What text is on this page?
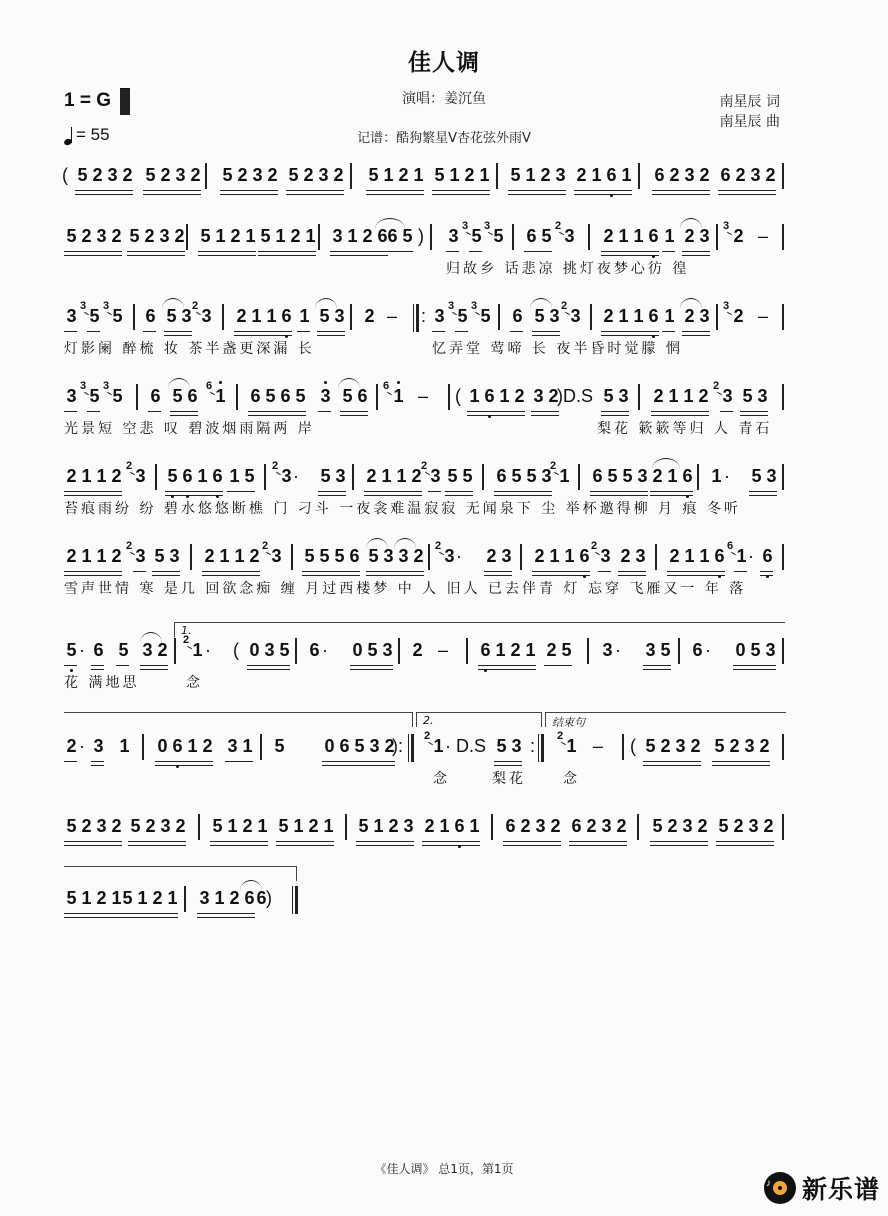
佳人调
1 = G
= 55
演唱：姜沉鱼
记谱：酷狗繁星V杏花弦外雨V
南星辰 词
南星辰 曲
( 5 2 3 2 5 2 3 2 5 2 3 2 5 2 3 2 5 1 2 1 5 1 2 1 5 1 2 3 2 1 6 1 6 2 3 2 6 2 3 2
5 2 3 2 5 2 3 2 5 1 2 1 5 1 2 1 3 1 2 6 6 5 ) 3 3 5 3 5 6 5 2 3 2 1 1 6 1 2 3 3 2 –
归故乡 话悲凉 挑灯夜梦心彷 徨
3 3 5 3 5 6 5 3 2 3 2 1 1 6 1 5 3 2 – : 3 3 5 3 5 6 5 3 2 3 2 1 1 6 1 2 3 3 2 –
灯影阑 醉梳 妆 茶半盏更深漏 长	忆弄堂 莺啼 长 夜半昏时觉朦 惘
3 3 5 3 5 6 5 6 6 1 6 5 6 5 3 5 6 6 1 – ( 1 6 1 2 3 2
)D.S 5 3 2 1 1 2 2 3 5 3
光景短 空悲 叹 碧波烟雨隔两 岸	梨花 簌簌等归 人 青石
2 1 1 2 2 3 5 6 1 6 1 5 2 3 · 5 3 2 1 1 2 2 3 5 5 6 5 5 3
2 1 6 5 5 3 2 1 6 1 · 5 3
苔痕雨纷 纷 碧水悠悠断樵 门 刁斗 一夜衾难温寂寂 无闻泉下 尘 举杯邀得柳 月 痕 冬听
2 1 1 2 2 3 5 3 2 1 1 2 2 3 5 5 5 6 5 3 3 2 2 3 · 2 3 2 1 1 6 2 3 2 3 2 1 1 6 6 1 · 6
雪声世情 寒 是几 回欲念痴 缠 月过西楼梦 中 人 旧人 已去伴青 灯 忘穿 飞雁又一 年 落
5 · 6 5 3 2
1.
2 1 · ( 0 3 5 6 · 0 5 3 2 – 6 1 2 1 2 5 3 · 3 5 6 · 0 5 3
花 满地思	念
2 · 3 1 0 6 1 2 3 1 5 0 6 5 3 2
):
2.
2 1 · D.S 5 3 :
结束句
2 1 – ( 5 2 3 2 5 2 3 2
念	梨花	念
5 2 3 2 5 2 3 2 5 1 2 1 5 1 2 1 5 1 2 3 2 1 6 1 6 2 3 2 6 2 3 2 5 2 3 2 5 2 3 2
5 1 2 1 5 1 2 1 3 1 2 6 6 )
《佳人调》 总1页，第1页
♪ 新乐谱
